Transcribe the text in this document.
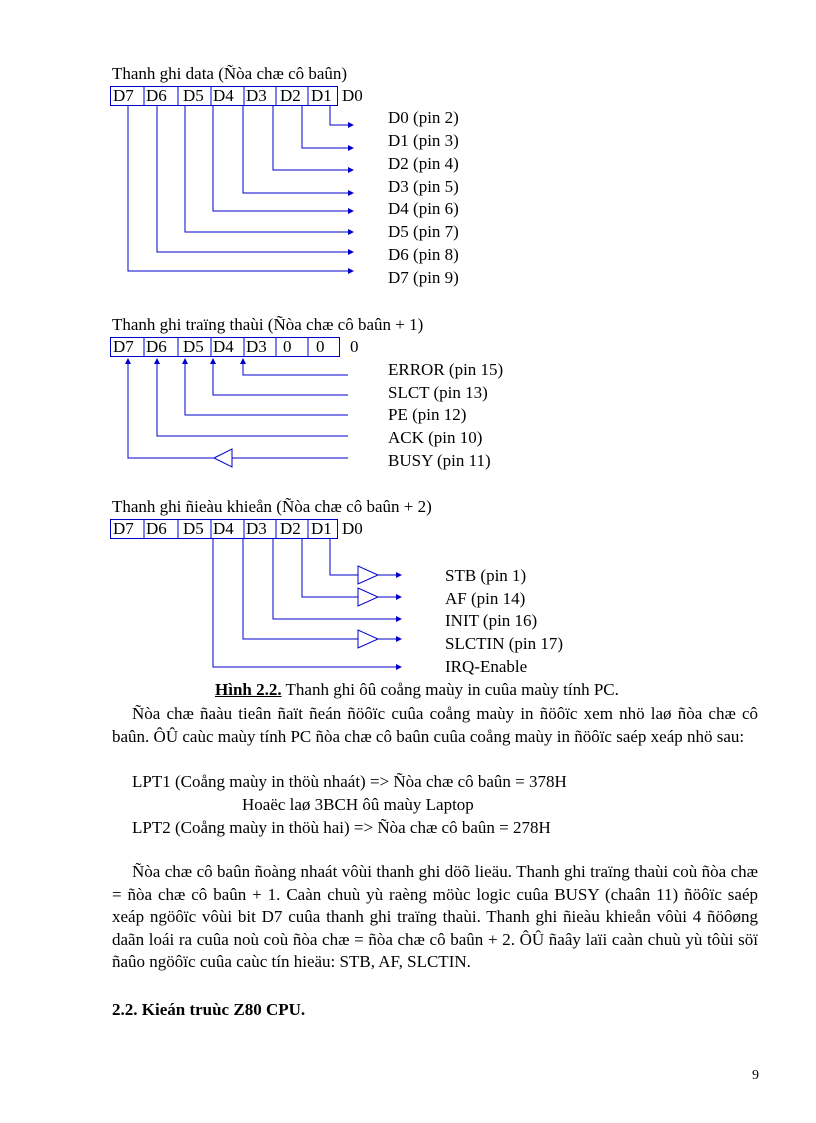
Thanh ghi data (Ñòa chæ cô baûn)
D7 D6 D5 D4 D3 D2 D1 D0
D0 (pin 2)
D1 (pin 3)
D2 (pin 4)
D3 (pin 5)
D4 (pin 6)
D5 (pin 7)
D6 (pin 8)
D7 (pin 9)
Thanh ghi traïng thaùi (Ñòa chæ cô baûn + 1)
D7 D6 D5 D4 D3 0 0 0
ERROR (pin 15)
SLCT (pin 13)
PE (pin 12)
ACK (pin 10)
BUSY (pin 11)
Thanh ghi ñieàu khieån (Ñòa chæ cô baûn + 2)
D7 D6 D5 D4 D3 D2 D1 D0
STB (pin 1)
AF (pin 14)
INIT (pin 16)
SLCTIN (pin 17)
IRQ-Enable
Hình 2.2. Thanh ghi ôû coång maùy in cuûa maùy tính PC.
Ñòa chæ ñaàu tieân ñaït ñeán ñöôïc cuûa coång maùy in ñöôïc xem nhö laø ñòa chæ cô baûn. ÔÛ caùc maùy tính PC ñòa chæ cô baûn cuûa coång maùy in ñöôïc saép xeáp nhö sau:
LPT1 (Coång maùy in thöù nhaát) => Ñòa chæ cô baûn = 378H
Hoaëc laø 3BCH ôû maùy Laptop
LPT2 (Coång maùy in thöù hai) => Ñòa chæ cô baûn = 278H
Ñòa chæ cô baûn ñoàng nhaát vôùi thanh ghi döõ lieäu. Thanh ghi traïng thaùi coù ñòa chæ = ñòa chæ cô baûn + 1. Caàn chuù yù raèng möùc logic cuûa BUSY (chaân 11) ñöôïc saép xeáp ngöôïc vôùi bit D7 cuûa thanh ghi traïng thaùi. Thanh ghi ñieàu khieån vôùi 4 ñöôøng daãn loái ra cuûa noù coù ñòa chæ = ñòa chæ cô baûn + 2. ÔÛ ñaây laïi caàn chuù yù tôùi söï ñaûo ngöôïc cuûa caùc tín hieäu: STB, AF, SLCTIN.
2.2. Kieán truùc Z80 CPU.
9
